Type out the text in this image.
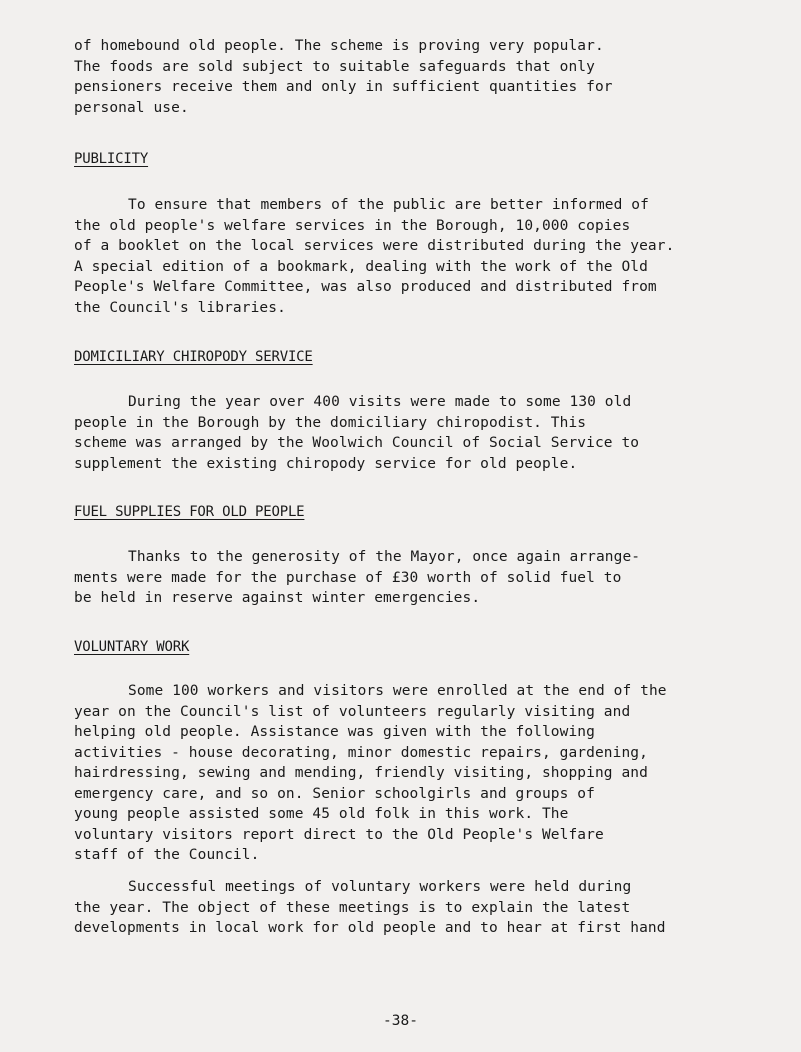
of homebound old people. The scheme is proving very popular.
The foods are sold subject to suitable safeguards that only
pensioners receive them and only in sufficient quantities for
personal use.

PUBLICITY

To ensure that members of the public are better informed of
the old people's welfare services in the Borough, 10,000 copies
of a booklet on the local services were distributed during the year.
A special edition of a bookmark, dealing with the work of the Old
People's Welfare Committee, was also produced and distributed from
the Council's libraries.

DOMICILIARY CHIROPODY SERVICE

During the year over 400 visits were made to some 130 old
people in the Borough by the domiciliary chiropodist. This
scheme was arranged by the Woolwich Council of Social Service to
supplement the existing chiropody service for old people.

FUEL SUPPLIES FOR OLD PEOPLE

Thanks to the generosity of the Mayor, once again arrange-
ments were made for the purchase of £30 worth of solid fuel to
be held in reserve against winter emergencies.

VOLUNTARY WORK

Some 100 workers and visitors were enrolled at the end of the
year on the Council's list of volunteers regularly visiting and
helping old people. Assistance was given with the following
activities - house decorating, minor domestic repairs, gardening,
hairdressing, sewing and mending, friendly visiting, shopping and
emergency care, and so on. Senior schoolgirls and groups of
young people assisted some 45 old folk in this work. The
voluntary visitors report direct to the Old People's Welfare
staff of the Council.

Successful meetings of voluntary workers were held during
the year. The object of these meetings is to explain the latest
developments in local work for old people and to hear at first hand

-38-
